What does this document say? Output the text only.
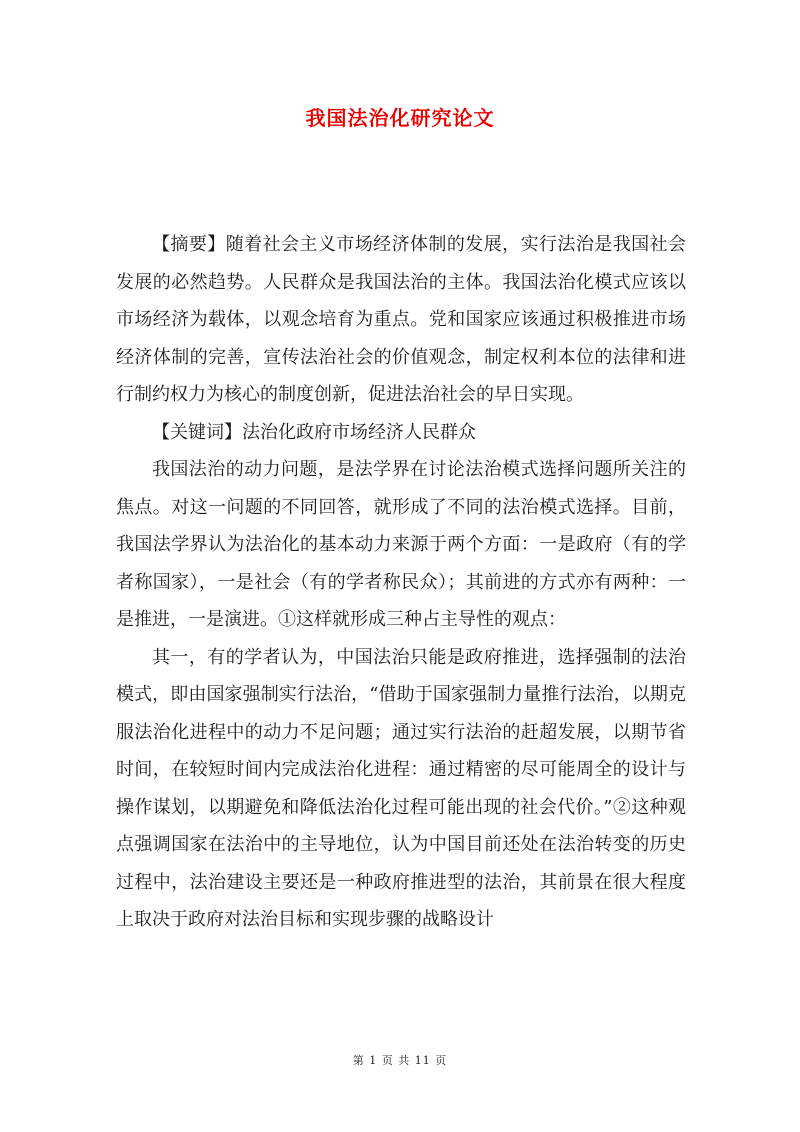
我国法治化研究论文

【摘要】随着社会主义市场经济体制的发展，实行法治是我国社会发展的必然趋势。人民群众是我国法治的主体。我国法治化模式应该以市场经济为载体，以观念培育为重点。党和国家应该通过积极推进市场经济体制的完善，宣传法治社会的价值观念，制定权利本位的法律和进行制约权力为核心的制度创新，促进法治社会的早日实现。

【关键词】法治化政府市场经济人民群众

我国法治的动力问题，是法学界在讨论法治模式选择问题所关注的焦点。对这一问题的不同回答，就形成了不同的法治模式选择。目前，我国法学界认为法治化的基本动力来源于两个方面：一是政府（有的学者称国家），一是社会（有的学者称民众）；其前进的方式亦有两种：一是推进，一是演进。①这样就形成三种占主导性的观点：

其一，有的学者认为，中国法治只能是政府推进，选择强制的法治模式，即由国家强制实行法治，“借助于国家强制力量推行法治，以期克服法治化进程中的动力不足问题；通过实行法治的赶超发展，以期节省时间，在较短时间内完成法治化进程：通过精密的尽可能周全的设计与操作谋划，以期避免和降低法治化过程可能出现的社会代价。”②这种观点强调国家在法治中的主导地位，认为中国目前还处在法治转变的历史过程中，法治建设主要还是一种政府推进型的法治，其前景在很大程度上取决于政府对法治目标和实现步骤的战略设计

第 1 页 共 11 页
